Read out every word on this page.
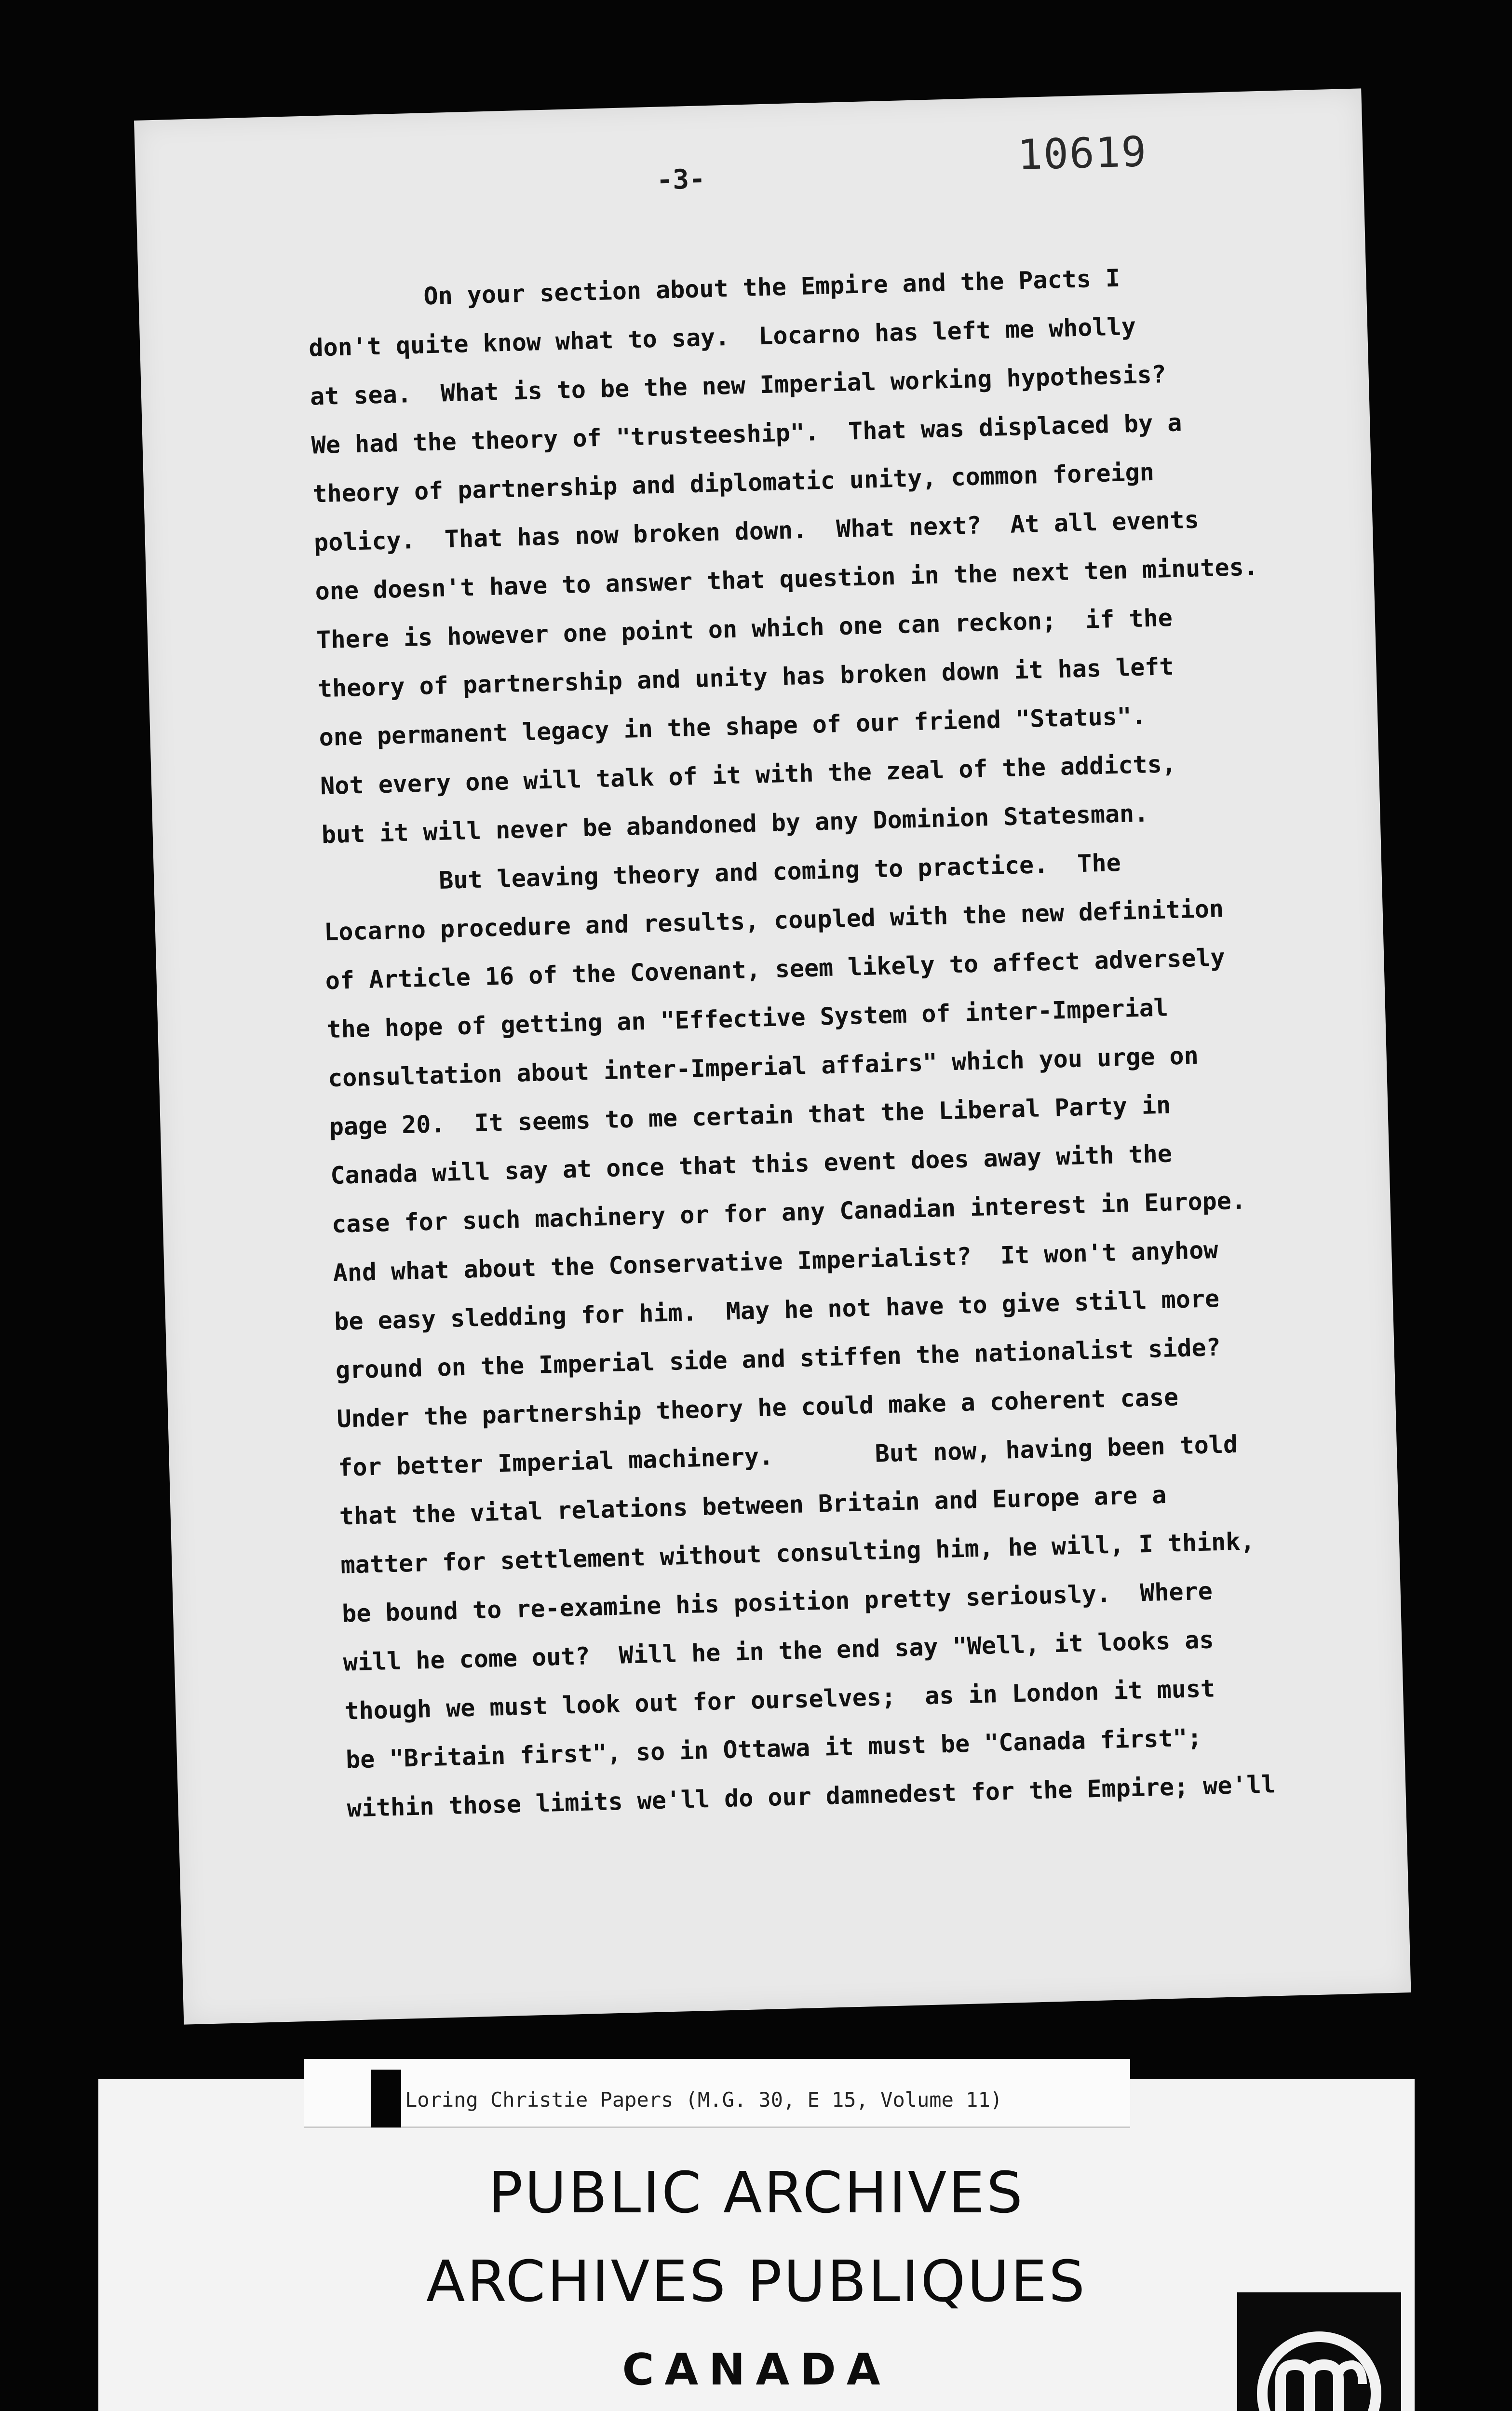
-3-
10619
On your section about the Empire and the Pacts I
don't quite know what to say.  Locarno has left me wholly
at sea.  What is to be the new Imperial working hypothesis?
We had the theory of "trusteeship".  That was displaced by a
theory of partnership and diplomatic unity, common foreign
policy.  That has now broken down.  What next?  At all events
one doesn't have to answer that question in the next ten minutes.
There is however one point on which one can reckon;  if the
theory of partnership and unity has broken down it has left
one permanent legacy in the shape of our friend "Status".
Not every one will talk of it with the zeal of the addicts,
but it will never be abandoned by any Dominion Statesman.
But leaving theory and coming to practice.  The
Locarno procedure and results, coupled with the new definition
of Article 16 of the Covenant, seem likely to affect adversely
the hope of getting an "Effective System of inter-Imperial
consultation about inter-Imperial affairs" which you urge on
page 20.  It seems to me certain that the Liberal Party in
Canada will say at once that this event does away with the
case for such machinery or for any Canadian interest in Europe.
And what about the Conservative Imperialist?  It won't anyhow
be easy sledding for him.  May he not have to give still more
ground on the Imperial side and stiffen the nationalist side?
Under the partnership theory he could make a coherent case
for better Imperial machinery.       But now, having been told
that the vital relations between Britain and Europe are a
matter for settlement without consulting him, he will, I think,
be bound to re-examine his position pretty seriously.  Where
will he come out?  Will he in the end say "Well, it looks as
though we must look out for ourselves;  as in London it must
be "Britain first", so in Ottawa it must be "Canada first";
within those limits we'll do our damnedest for the Empire; we'll
Loring Christie Papers (M.G. 30, E 15, Volume 11)
PUBLIC ARCHIVES
ARCHIVES PUBLIQUES
CANADA
